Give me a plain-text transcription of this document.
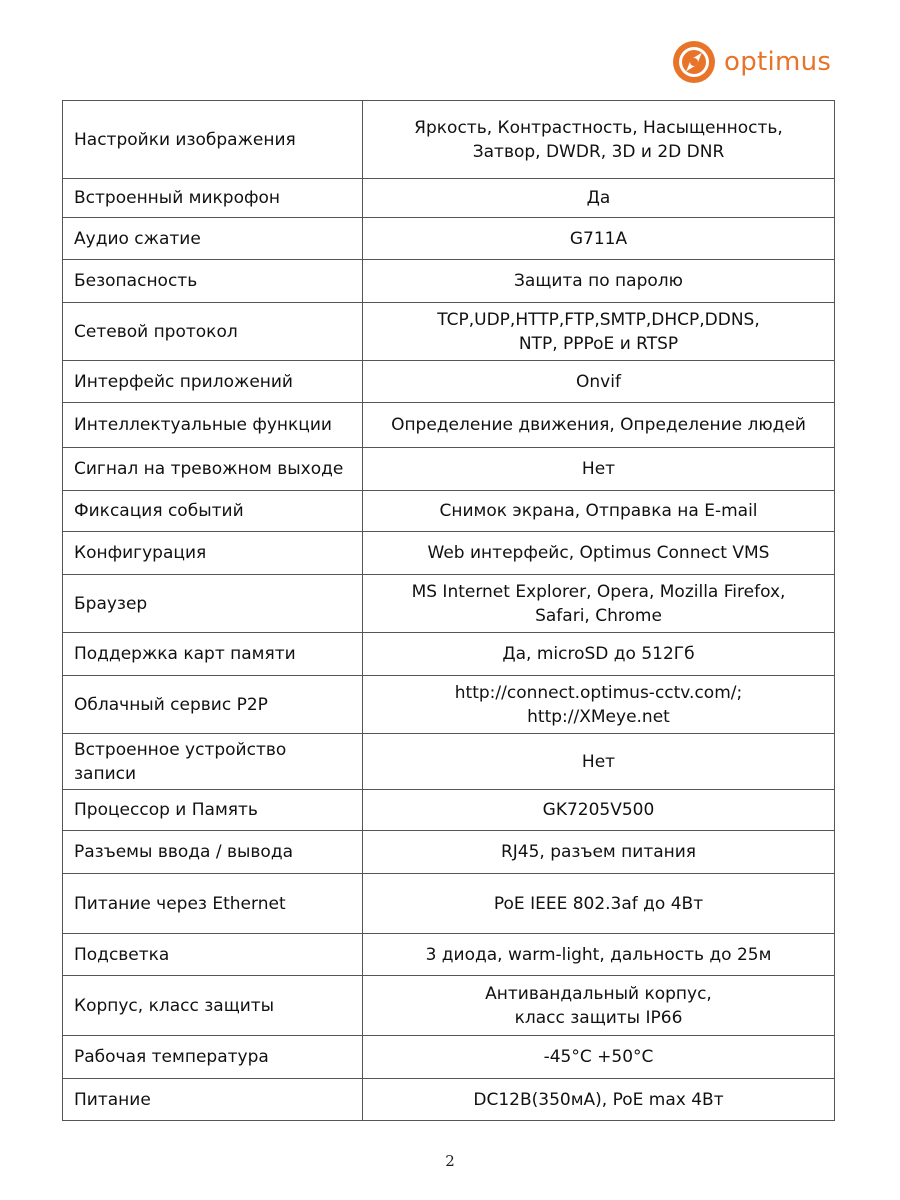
optimus
Настройки изображения	Яркость, Контрастность, Насыщенность,
Затвор, DWDR, 3D и 2D DNR
Встроенный микрофон	Да
Аудио сжатие	G711A
Безопасность	Защита по паролю
Сетевой протокол	TCP,UDP,HTTP,FTP,SMTP,DHCP,DDNS,
NTP, PPPoE и RTSP
Интерфейс приложений	Onvif
Интеллектуальные функции	Определение движения, Определение людей
Сигнал на тревожном выходе	Нет
Фиксация событий	Снимок экрана, Отправка на E-mail
Конфигурация	Web интерфейс, Optimus Connect VMS
Браузер	MS Internet Explorer, Opera, Mozilla Firefox,
Safari, Chrome
Поддержка карт памяти	Да, microSD до 512Гб
Облачный сервис P2P	http://connect.optimus-cctv.com/;
http://XMeye.net
Встроенное устройство
записи	Нет
Процессор и Память	GK7205V500
Разъемы ввода / вывода	RJ45, разъем питания
Питание через Ethernet	PoE IEEE 802.3af до 4Вт
Подсветка	3 диода, warm-light, дальность до 25м
Корпус, класс защиты	Антивандальный корпус,
класс защиты IP66
Рабочая температура	-45°C +50°C
Питание	DC12В(350мА), PoE max 4Вт
2
